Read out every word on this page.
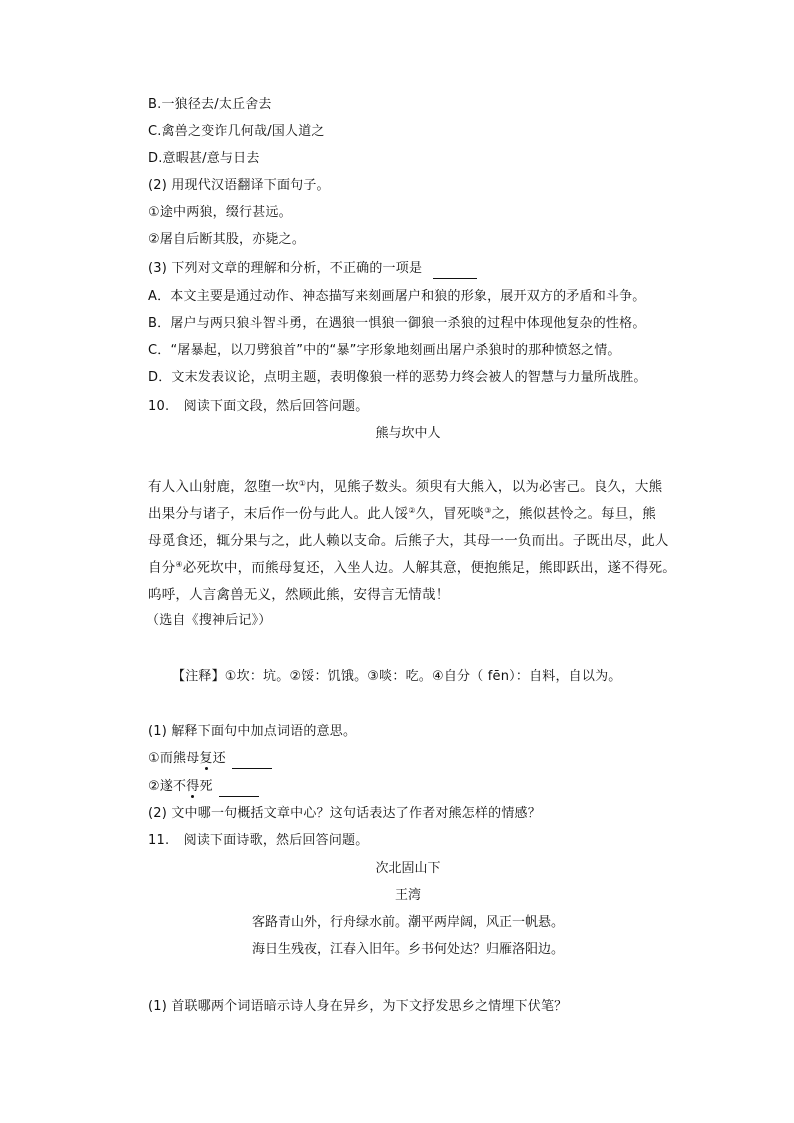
B.一狼径去/太丘舍去
C.禽兽之变诈几何哉/国人道之
D.意暇甚/意与日去
(2) 用现代汉语翻译下面句子。
①途中两狼，缀行甚远。
②屠自后断其股，亦毙之。
(3) 下列对文章的理解和分析，不正确的一项是
A．本文主要是通过动作、神态描写来刻画屠户和狼的形象，展开双方的矛盾和斗争。
B．屠户与两只狼斗智斗勇，在遇狼一惧狼一御狼一杀狼的过程中体现他复杂的性格。
C．“屠暴起，以刀劈狼首”中的“暴”字形象地刻画出屠户杀狼时的那种愤怒之情。
D．文末发表议论，点明主题，表明像狼一样的恶势力终会被人的智慧与力量所战胜。
10. 阅读下面文段，然后回答问题。
熊与坎中人
有人入山射鹿，忽堕一坎①内，见熊子数头。须臾有大熊入，以为必害己。良久，大熊
出果分与诸子，末后作一份与此人。此人馁②久，冒死啖③之，熊似甚怜之。每旦，熊
母觅食还，辄分果与之，此人赖以支命。后熊子大，其母一一负而出。子既出尽，此人
自分④必死坎中，而熊母复还，入坐人边。人解其意，便抱熊足，熊即跃出，遂不得死。
呜呼，人言禽兽无义，然顾此熊，安得言无情哉！
（选自《搜神后记》）
【注释】①坎：坑。②馁：饥饿。③啖：吃。④自分（ fēn）：自料，自以为。
(1) 解释下面句中加点词语的意思。
①而熊母复还
②遂不得死
(2) 文中哪一句概括文章中心？这句话表达了作者对熊怎样的情感？
11. 阅读下面诗歌，然后回答问题。
次北固山下
王湾
客路青山外，行舟绿水前。潮平两岸阔，风正一帆悬。
海日生残夜，江春入旧年。乡书何处达？归雁洛阳边。
(1) 首联哪两个词语暗示诗人身在异乡，为下文抒发思乡之情埋下伏笔？
